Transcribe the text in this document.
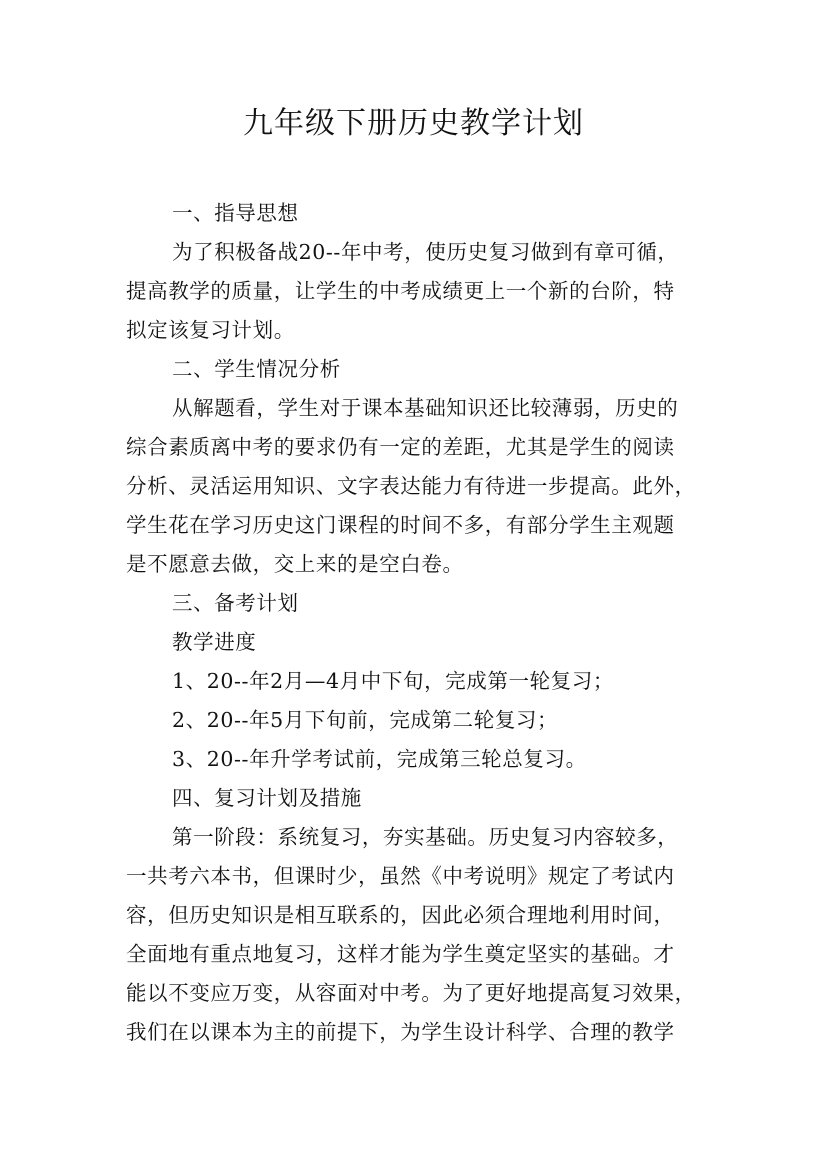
九年级下册历史教学计划
一、指导思想
为了积极备战20--年中考，使历史复习做到有章可循，
提高教学的质量，让学生的中考成绩更上一个新的台阶，特
拟定该复习计划。
二、学生情况分析
从解题看，学生对于课本基础知识还比较薄弱，历史的
综合素质离中考的要求仍有一定的差距，尤其是学生的阅读
分析、灵活运用知识、文字表达能力有待进一步提高。此外，
学生花在学习历史这门课程的时间不多，有部分学生主观题
是不愿意去做，交上来的是空白卷。
三、备考计划
教学进度
1、20--年2月—4月中下旬，完成第一轮复习；
2、20--年5月下旬前，完成第二轮复习；
3、20--年升学考试前，完成第三轮总复习。
四、复习计划及措施
第一阶段：系统复习，夯实基础。历史复习内容较多，
一共考六本书，但课时少，虽然《中考说明》规定了考试内
容，但历史知识是相互联系的，因此必须合理地利用时间，
全面地有重点地复习，这样才能为学生奠定坚实的基础。才
能以不变应万变，从容面对中考。为了更好地提高复习效果，
我们在以课本为主的前提下，为学生设计科学、合理的教学
